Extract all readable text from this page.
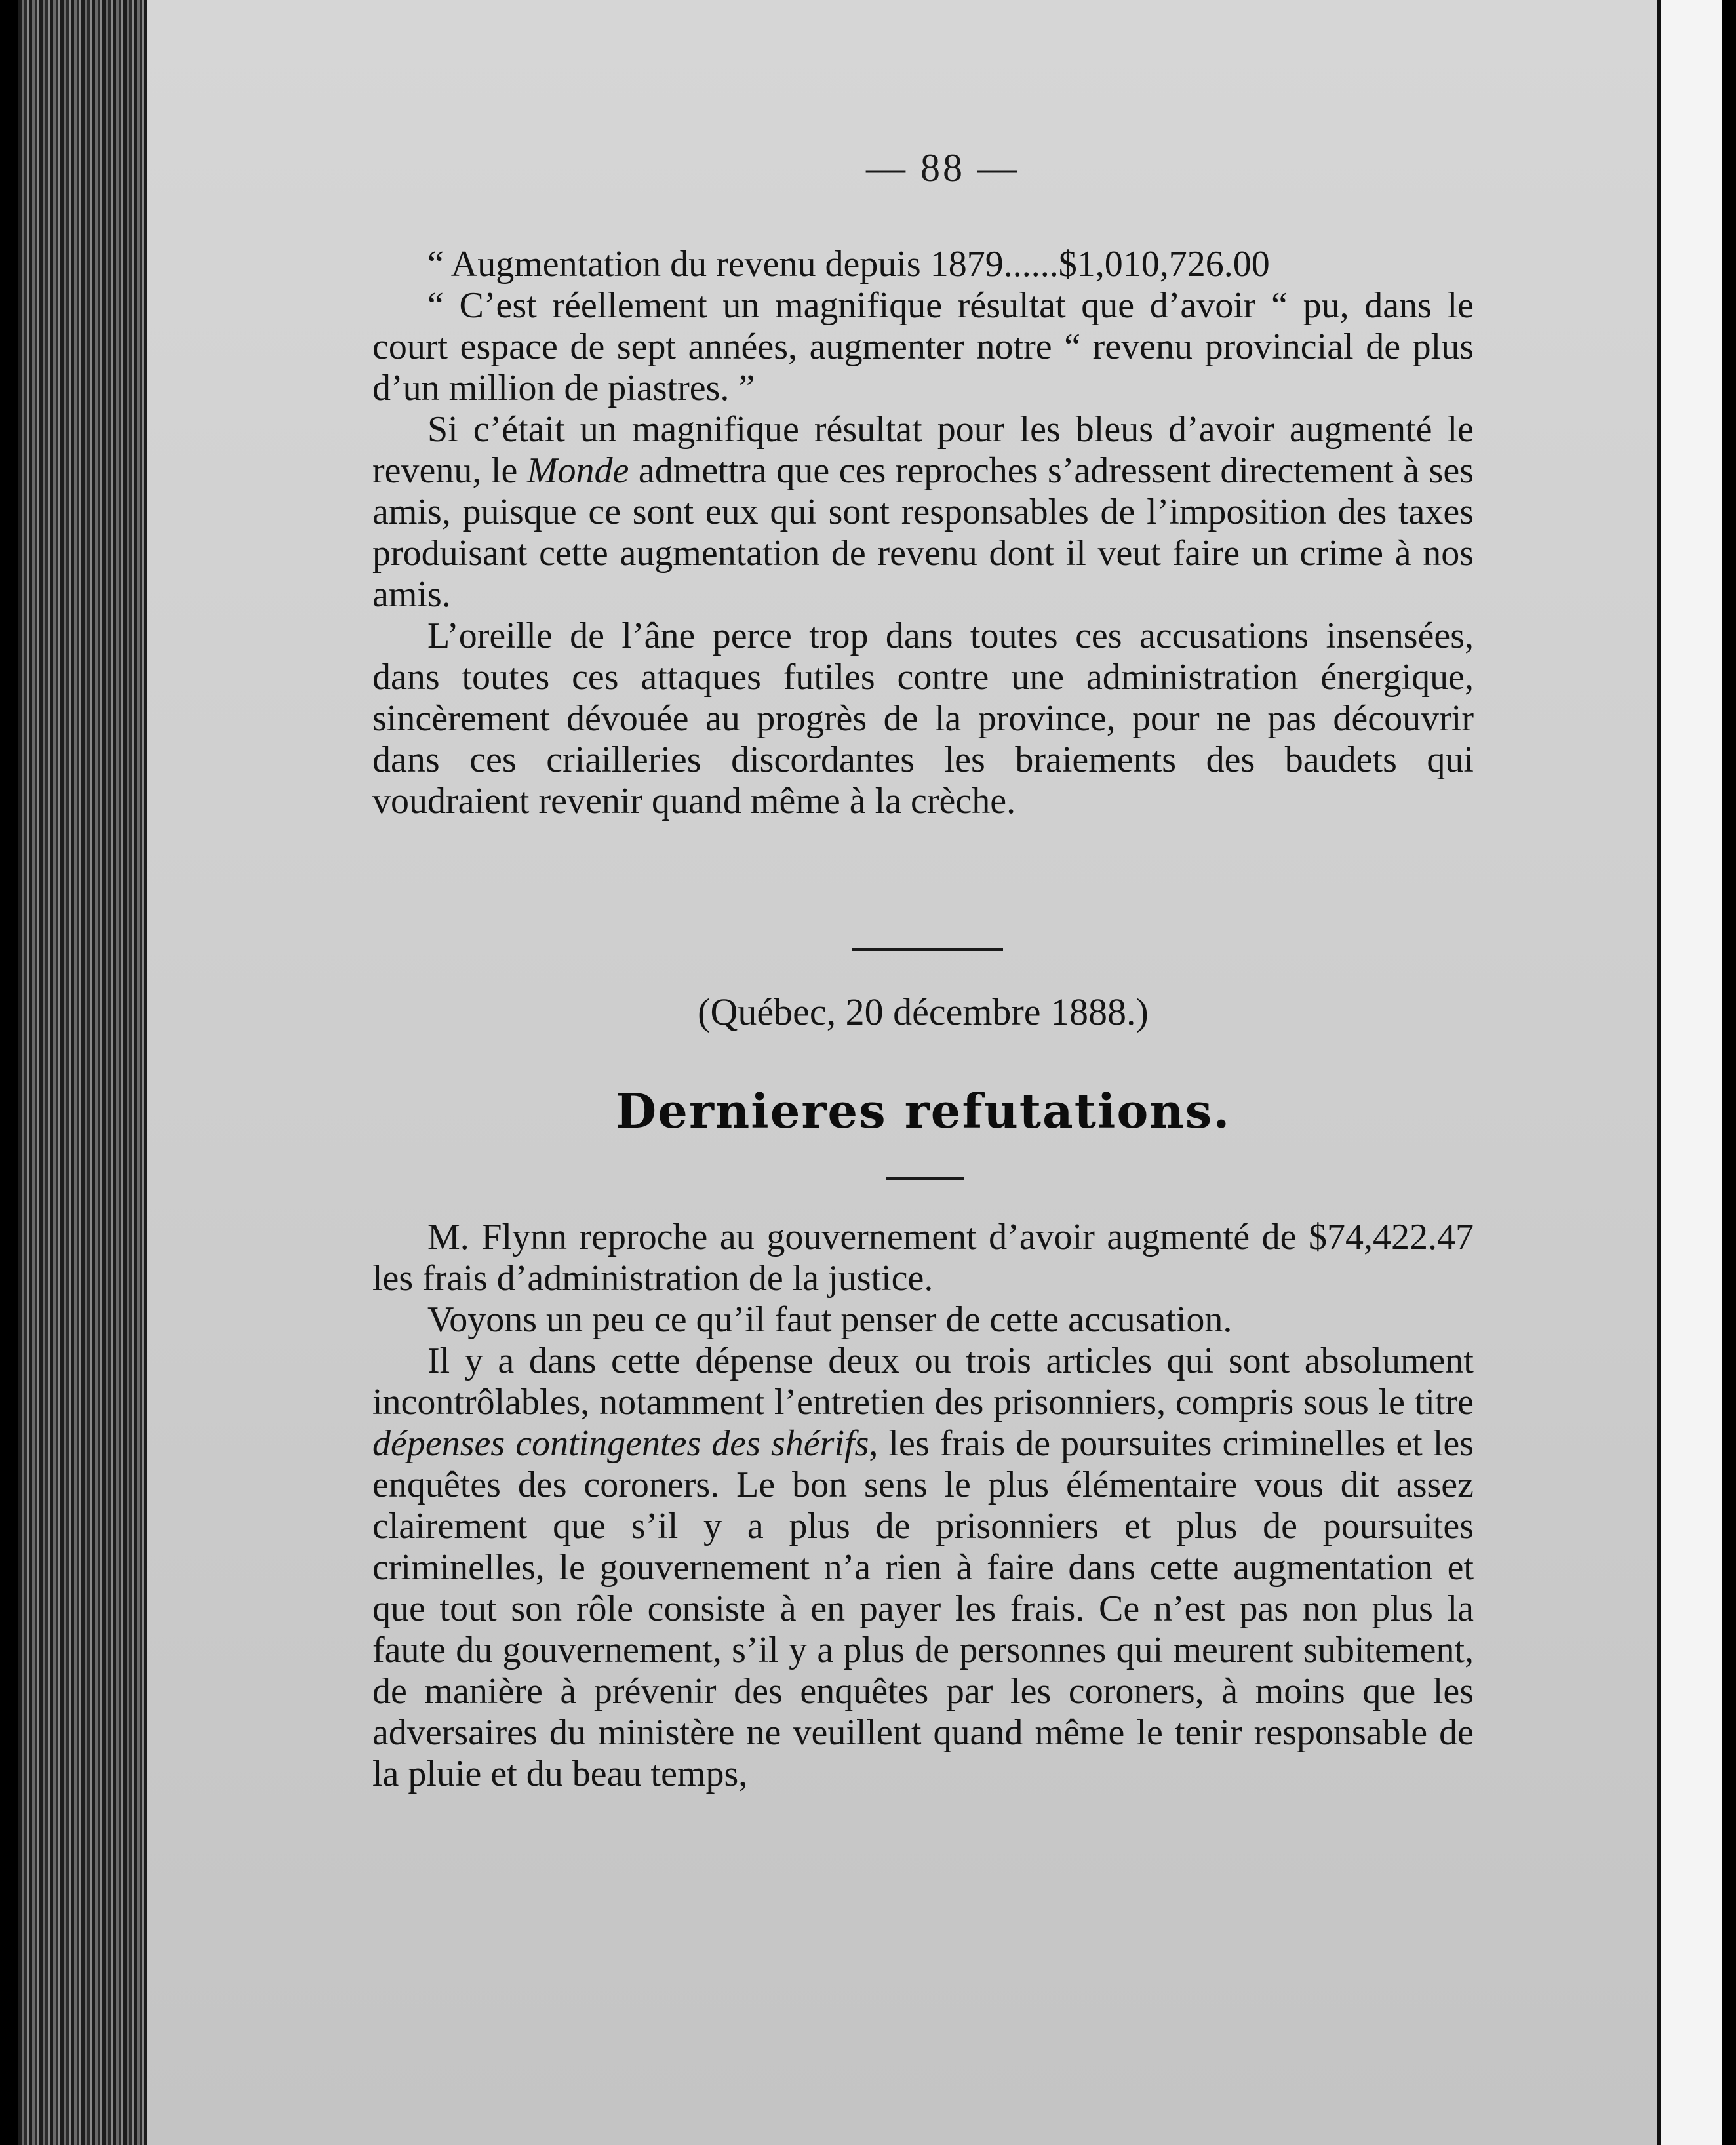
— 88 —

“ Augmentation du revenu depuis 1879......$1,010,726.00

“ C’est réellement un magnifique résultat que d’avoir “ pu, dans le court espace de sept années, augmenter notre “ revenu provincial de plus d’un million de piastres. ”

Si c’était un magnifique résultat pour les bleus d’avoir augmenté le revenu, le Monde admettra que ces reproches s’adressent directement à ses amis, puisque ce sont eux qui sont responsables de l’imposition des taxes produisant cette augmentation de revenu dont il veut faire un crime à nos amis.

L’oreille de l’âne perce trop dans toutes ces accusations insensées, dans toutes ces attaques futiles contre une administration énergique, sincèrement dévouée au progrès de la province, pour ne pas découvrir dans ces criailleries discordantes les braiements des baudets qui voudraient revenir quand même à la crèche.

(Québec, 20 décembre 1888.)
Dernieres refutations.

M. Flynn reproche au gouvernement d’avoir augmenté de $74,422.47 les frais d’administration de la justice.

Voyons un peu ce qu’il faut penser de cette accusation.

Il y a dans cette dépense deux ou trois articles qui sont absolument incontrôlables, notamment l’entretien des prisonniers, compris sous le titre dépenses contingentes des shérifs, les frais de poursuites criminelles et les enquêtes des coroners. Le bon sens le plus élémentaire vous dit assez clairement que s’il y a plus de prisonniers et plus de poursuites criminelles, le gouvernement n’a rien à faire dans cette augmentation et que tout son rôle consiste à en payer les frais. Ce n’est pas non plus la faute du gouvernement, s’il y a plus de personnes qui meurent subitement, de manière à prévenir des enquêtes par les coroners, à moins que les adversaires du ministère ne veuillent quand même le tenir responsable de la pluie et du beau temps,
